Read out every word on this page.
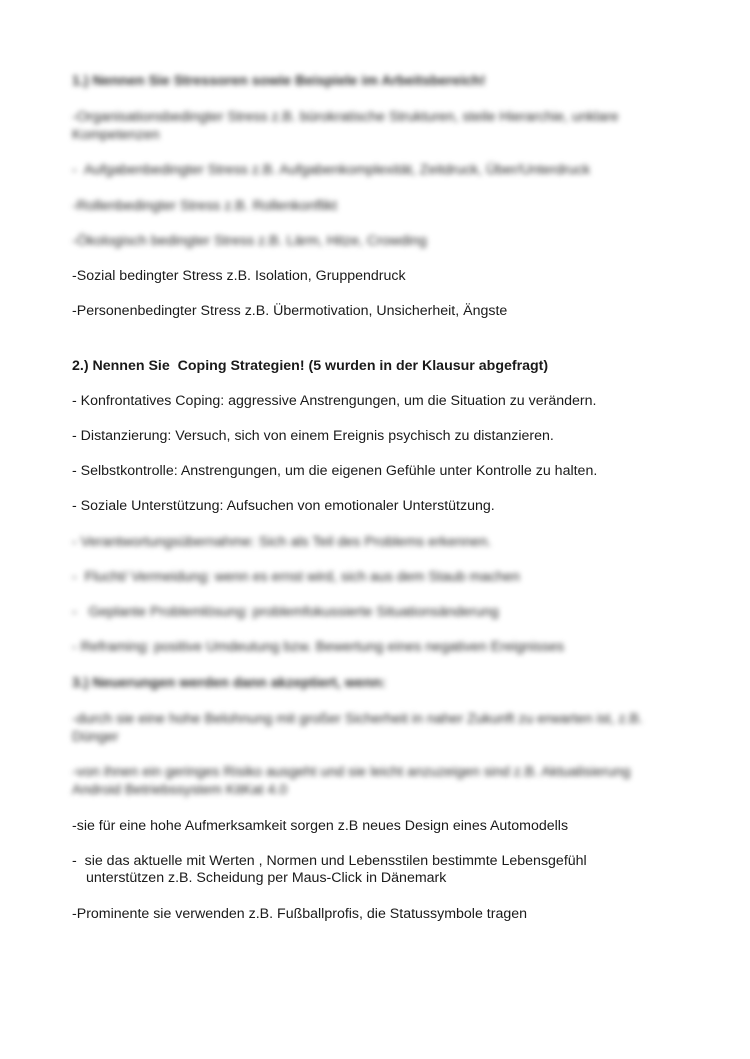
1.) Nennen Sie Stressoren sowie Beispiele im Arbeitsbereich!
-Organisationsbedingter Stress z.B. bürokratische Strukturen, steile Hierarchie, unklare Kompetenzen
-  Aufgabenbedingter Stress z.B. Aufgabenkomplexität, Zeitdruck, Über/Unterdruck
-Rollenbedingter Stress z.B. Rollenkonflikt
-Ökologisch bedingter Stress z.B. Lärm, Hitze, Crowding
-Sozial bedingter Stress z.B. Isolation, Gruppendruck
-Personenbedingter Stress z.B. Übermotivation, Unsicherheit, Ängste
2.) Nennen Sie  Coping Strategien! (5 wurden in der Klausur abgefragt)
- Konfrontatives Coping: aggressive Anstrengungen, um die Situation zu verändern.
- Distanzierung: Versuch, sich von einem Ereignis psychisch zu distanzieren.
- Selbstkontrolle: Anstrengungen, um die eigenen Gefühle unter Kontrolle zu halten.
- Soziale Unterstützung: Aufsuchen von emotionaler Unterstützung.
- Verantwortungsübernahme: Sich als Teil des Problems erkennen.
-  Flucht/ Vermeidung: wenn es ernst wird, sich aus dem Staub machen
-   Geplante Problemlösung: problemfokussierte Situationsänderung
- Reframing: positive Umdeutung bzw. Bewertung eines negativen Ereignisses
3.) Neuerungen werden dann akzeptiert, wenn:
-durch sie eine hohe Belohnung mit großer Sicherheit in naher Zukunft zu erwarten ist, z.B. Dünger
-von ihnen ein geringes Risiko ausgeht und sie leicht anzuzeigen sind z.B. Aktualisierung Android Betriebssystem KitKat 4.0
-sie für eine hohe Aufmerksamkeit sorgen z.B neues Design eines Automodells
-  sie das aktuelle mit Werten , Normen und Lebensstilen bestimmte Lebensgefühl
unterstützen z.B. Scheidung per Maus-Click in Dänemark
-Prominente sie verwenden z.B. Fußballprofis, die Statussymbole tragen
